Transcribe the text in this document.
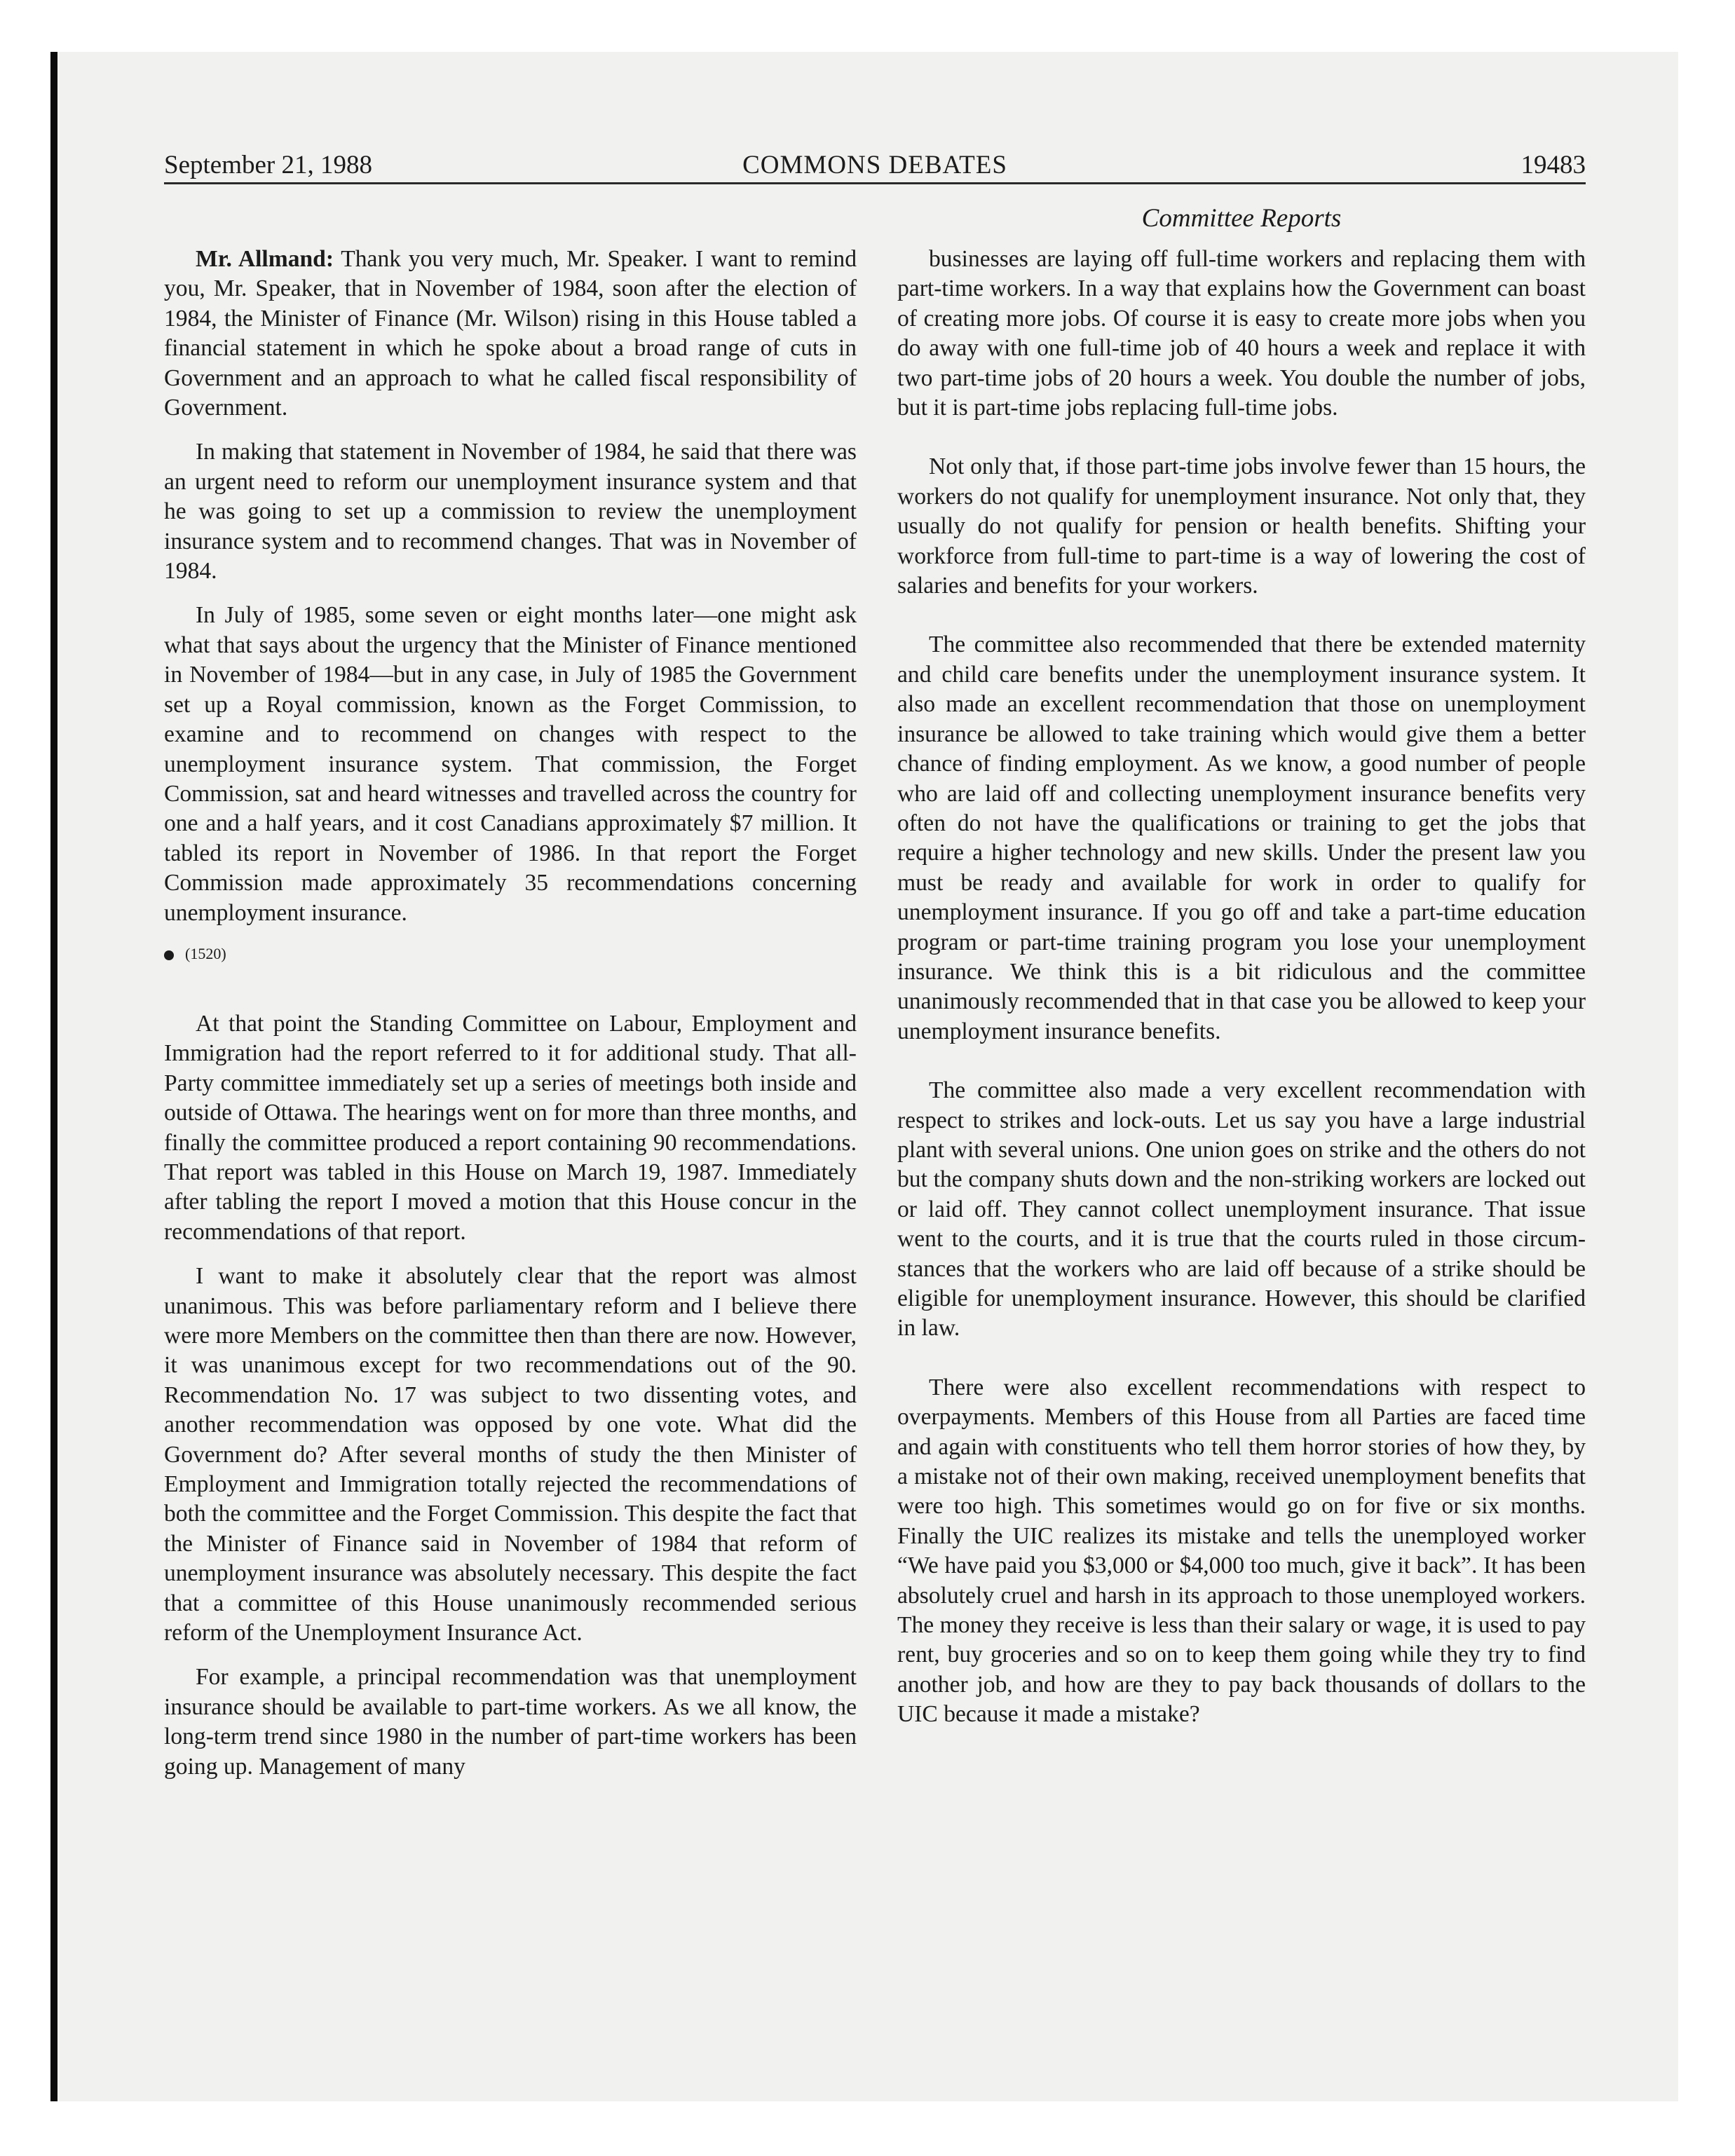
September 21, 1988	COMMONS DEBATES	19483
Committee Reports

Mr. Allmand: Thank you very much, Mr. Speaker. I want to remind you, Mr. Speaker, that in November of 1984, soon after the election of 1984, the Minister of Finance (Mr. Wilson) rising in this House tabled a financial statement in which he spoke about a broad range of cuts in Government and an approach to what he called fiscal responsibility of Government.

In making that statement in November of 1984, he said that there was an urgent need to reform our unemployment insurance system and that he was going to set up a commission to review the unemployment insurance system and to recommend changes. That was in November of 1984.

In July of 1985, some seven or eight months later—one might ask what that says about the urgency that the Minister of Finance mentioned in November of 1984—but in any case, in July of 1985 the Government set up a Royal commission, known as the Forget Commission, to examine and to recommend on changes with respect to the unemployment insurance system. That commission, the Forget Commission, sat and heard witnesses and travelled across the country for one and a half years, and it cost Canadians approximately $7 million. It tabled its report in November of 1986. In that report the Forget Commission made approximately 35 recommendations concerning unemployment insurance.

(1520)

At that point the Standing Committee on Labour, Employment and Immigration had the report referred to it for additional study. That all-Party committee immediately set up a series of meetings both inside and outside of Ottawa. The hearings went on for more than three months, and finally the committee produced a report containing 90 recommendations. That report was tabled in this House on March 19, 1987. Immediately after tabling the report I moved a motion that this House concur in the recommendations of that report.

I want to make it absolutely clear that the report was almost unanimous. This was before parliamentary reform and I believe there were more Members on the committee then than there are now. However, it was unanimous except for two recommendations out of the 90. Recommendation No. 17 was subject to two dissenting votes, and another recommendation was opposed by one vote. What did the Government do? After several months of study the then Minister of Employment and Immigration totally rejected the recommendations of both the committee and the Forget Commission. This despite the fact that the Minister of Finance said in November of 1984 that reform of unemployment insurance was absolutely necessary. This despite the fact that a committee of this House unanimously recommended serious reform of the Unemployment Insurance Act.

For example, a principal recommendation was that unemployment insurance should be available to part-time workers. As we all know, the long-term trend since 1980 in the number of part-time workers has been going up. Management of many

businesses are laying off full-time workers and replacing them with part-time workers. In a way that explains how the Government can boast of creating more jobs. Of course it is easy to create more jobs when you do away with one full-time job of 40 hours a week and replace it with two part-time jobs of 20 hours a week. You double the number of jobs, but it is part-time jobs replacing full-time jobs.

Not only that, if those part-time jobs involve fewer than 15 hours, the workers do not qualify for unemployment insurance. Not only that, they usually do not qualify for pension or health benefits. Shifting your workforce from full-time to part-time is a way of lowering the cost of salaries and benefits for your workers.

The committee also recommended that there be extended maternity and child care benefits under the unemployment insurance system. It also made an excellent recommendation that those on unemployment insurance be allowed to take training which would give them a better chance of finding employment. As we know, a good number of people who are laid off and collecting unemployment insurance benefits very often do not have the qualifications or training to get the jobs that require a higher technology and new skills. Under the present law you must be ready and available for work in order to qualify for unemployment insurance. If you go off and take a part-time education program or part-time training program you lose your unemployment insurance. We think this is a bit ridiculous and the committee unanimously recommended that in that case you be allowed to keep your unemployment insurance benefits.

The committee also made a very excellent recommendation with respect to strikes and lock-outs. Let us say you have a large industrial plant with several unions. One union goes on strike and the others do not but the company shuts down and the non-striking workers are locked out or laid off. They cannot collect unemployment insurance. That issue went to the courts, and it is true that the courts ruled in those circumstances that the workers who are laid off because of a strike should be eligible for unemployment insurance. However, this should be clarified in law.

There were also excellent recommendations with respect to overpayments. Members of this House from all Parties are faced time and again with constituents who tell them horror stories of how they, by a mistake not of their own making, received unemployment benefits that were too high. This sometimes would go on for five or six months. Finally the UIC realizes its mistake and tells the unemployed worker “We have paid you $3,000 or $4,000 too much, give it back”. It has been absolutely cruel and harsh in its approach to those unemployed workers. The money they receive is less than their salary or wage, it is used to pay rent, buy groceries and so on to keep them going while they try to find another job, and how are they to pay back thousands of dollars to the UIC because it made a mistake?
